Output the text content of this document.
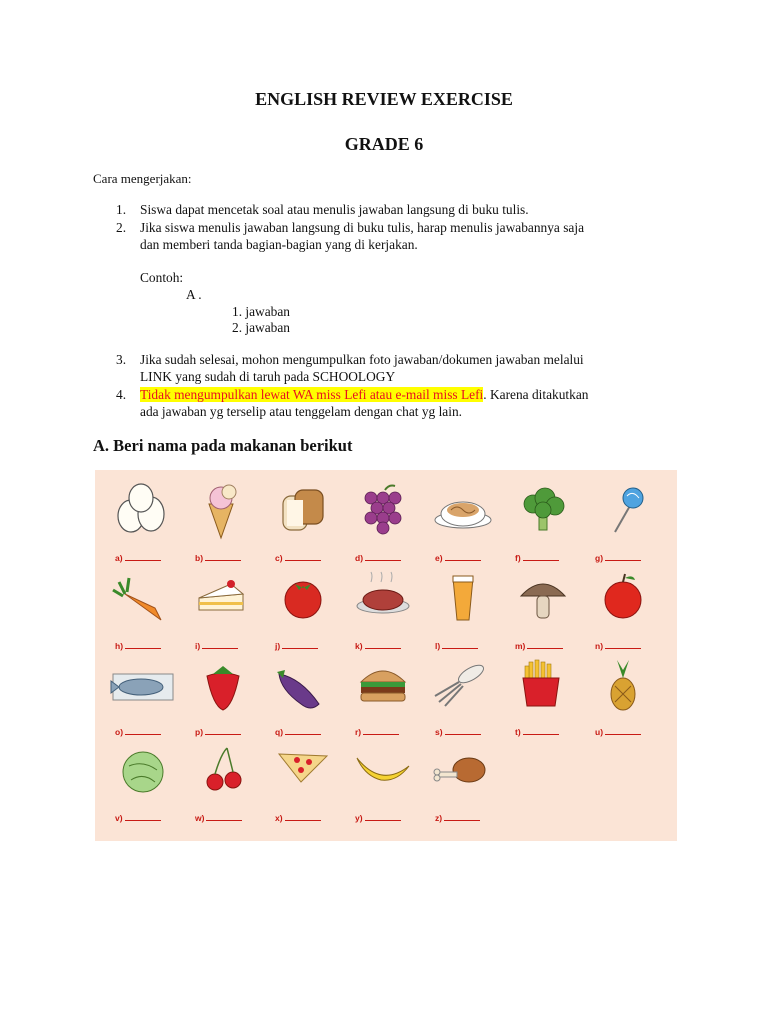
ENGLISH REVIEW EXERCISE
GRADE 6
Cara mengerjakan:
1. Siswa dapat mencetak soal atau menulis jawaban langsung di buku tulis.
2. Jika siswa menulis jawaban langsung di buku tulis, harap menulis jawabannya saja
dan memberi tanda bagian-bagian yang di kerjakan.
Contoh:
A .
1. jawaban
2. jawaban
3. Jika sudah selesai, mohon mengumpulkan foto jawaban/dokumen jawaban melalui
LINK yang sudah di taruh pada SCHOOLOGY
4. Tidak mengumpulkan lewat WA miss Lefi atau e-mail miss Lefi. Karena ditakutkan
ada jawaban yg terselip atau tenggelam dengan chat yg lain.
A. Beri nama pada makanan berikut
a)	b)	c)	d)	e)	f)	g)
h)	i)	j)	k)	l)	m)	n)
o)	p)	q)	r)	s)	t)	u)
v)	w)	x)	y)	z)
